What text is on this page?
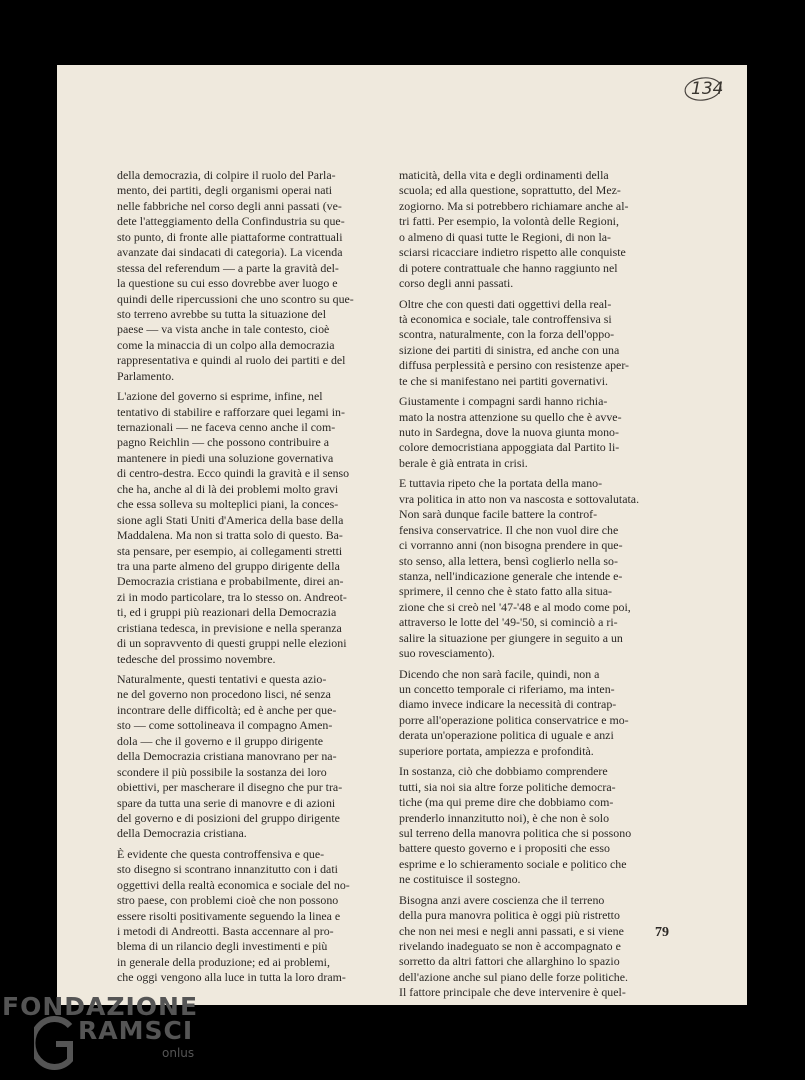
134
della democrazia, di colpire il ruolo del Parla-
mento, dei partiti, degli organismi operai nati
nelle fabbriche nel corso degli anni passati (ve-
dete l'atteggiamento della Confindustria su que-
sto punto, di fronte alle piattaforme contrattuali
avanzate dai sindacati di categoria). La vicenda
stessa del referendum — a parte la gravità del-
la questione su cui esso dovrebbe aver luogo e
quindi delle ripercussioni che uno scontro su que-
sto terreno avrebbe su tutta la situazione del
paese — va vista anche in tale contesto, cioè
come la minaccia di un colpo alla democrazia
rappresentativa e quindi al ruolo dei partiti e del
Parlamento.
L'azione del governo si esprime, infine, nel
tentativo di stabilire e rafforzare quei legami in-
ternazionali — ne faceva cenno anche il com-
pagno Reichlin — che possono contribuire a
mantenere in piedi una soluzione governativa
di centro-destra. Ecco quindi la gravità e il senso
che ha, anche al di là dei problemi molto gravi
che essa solleva su molteplici piani, la conces-
sione agli Stati Uniti d'America della base della
Maddalena. Ma non si tratta solo di questo. Ba-
sta pensare, per esempio, ai collegamenti stretti
tra una parte almeno del gruppo dirigente della
Democrazia cristiana e probabilmente, direi an-
zi in modo particolare, tra lo stesso on. Andreot-
ti, ed i gruppi più reazionari della Democrazia
cristiana tedesca, in previsione e nella speranza
di un sopravvento di questi gruppi nelle elezioni
tedesche del prossimo novembre.
Naturalmente, questi tentativi e questa azio-
ne del governo non procedono lisci, né senza
incontrare delle difficoltà; ed è anche per que-
sto — come sottolineava il compagno Amen-
dola — che il governo e il gruppo dirigente
della Democrazia cristiana manovrano per na-
scondere il più possibile la sostanza dei loro
obiettivi, per mascherare il disegno che pur tra-
spare da tutta una serie di manovre e di azioni
del governo e di posizioni del gruppo dirigente
della Democrazia cristiana.
È evidente che questa controffensiva e que-
sto disegno si scontrano innanzitutto con i dati
oggettivi della realtà economica e sociale del no-
stro paese, con problemi cioè che non possono
essere risolti positivamente seguendo la linea e
i metodi di Andreotti. Basta accennare al pro-
blema di un rilancio degli investimenti e più
in generale della produzione; ed ai problemi,
che oggi vengono alla luce in tutta la loro dram-
maticità, della vita e degli ordinamenti della
scuola; ed alla questione, soprattutto, del Mez-
zogiorno. Ma si potrebbero richiamare anche al-
tri fatti. Per esempio, la volontà delle Regioni,
o almeno di quasi tutte le Regioni, di non la-
sciarsi ricacciare indietro rispetto alle conquiste
di potere contrattuale che hanno raggiunto nel
corso degli anni passati.
Oltre che con questi dati oggettivi della real-
tà economica e sociale, tale controffensiva si
scontra, naturalmente, con la forza dell'oppo-
sizione dei partiti di sinistra, ed anche con una
diffusa perplessità e persino con resistenze aper-
te che si manifestano nei partiti governativi.
Giustamente i compagni sardi hanno richia-
mato la nostra attenzione su quello che è avve-
nuto in Sardegna, dove la nuova giunta mono-
colore democristiana appoggiata dal Partito li-
berale è già entrata in crisi.
E tuttavia ripeto che la portata della mano-
vra politica in atto non va nascosta e sottovalutata.
Non sarà dunque facile battere la controf-
fensiva conservatrice. Il che non vuol dire che
ci vorranno anni (non bisogna prendere in que-
sto senso, alla lettera, bensì coglierlo nella so-
stanza, nell'indicazione generale che intende e-
sprimere, il cenno che è stato fatto alla situa-
zione che si creò nel '47-'48 e al modo come poi,
attraverso le lotte del '49-'50, si cominciò a ri-
salire la situazione per giungere in seguito a un
suo rovesciamento).
Dicendo che non sarà facile, quindi, non a
un concetto temporale ci riferiamo, ma inten-
diamo invece indicare la necessità di contrap-
porre all'operazione politica conservatrice e mo-
derata un'operazione politica di uguale e anzi
superiore portata, ampiezza e profondità.
In sostanza, ciò che dobbiamo comprendere
tutti, sia noi sia altre forze politiche democra-
tiche (ma qui preme dire che dobbiamo com-
prenderlo innanzitutto noi), è che non è solo
sul terreno della manovra politica che si possono
battere questo governo e i propositi che esso
esprime e lo schieramento sociale e politico che
ne costituisce il sostegno.
Bisogna anzi avere coscienza che il terreno
della pura manovra politica è oggi più ristretto
che non nei mesi e negli anni passati, e si viene
rivelando inadeguato se non è accompagnato e
sorretto da altri fattori che allarghino lo spazio
dell'azione anche sul piano delle forze politiche.
Il fattore principale che deve intervenire è quel-
79
FONDAZIONE
RAMSCI
onlus
